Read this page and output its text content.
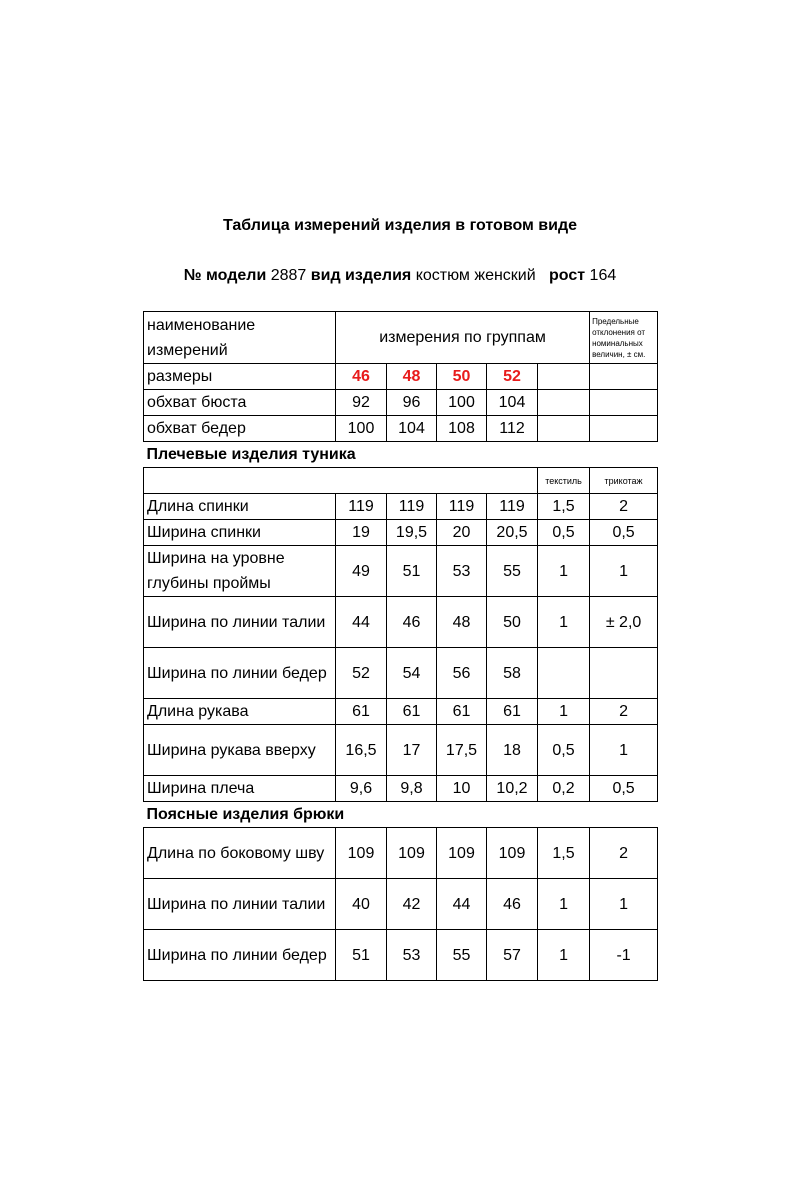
Таблица измерений изделия в готовом виде
№ модели 2887 вид изделия костюм женский рост 164
наименование измерений	измерения по группам					Предельные отклонения от номинальных величин, ± см.
размеры	46	48	50	52		
обхват бюста	92	96	100	104		
обхват бедер	100	104	108	112		
Плечевые изделия туника						
					текстиль	трикотаж
Длина спинки	119	119	119	119	1,5	2
Ширина спинки	19	19,5	20	20,5	0,5	0,5
Ширина на уровне глубины проймы	49	51	53	55	1	1
Ширина по линии талии	44	46	48	50	1	± 2,0
Ширина по линии бедер	52	54	56	58		
Длина рукава	61	61	61	61	1	2
Ширина рукава вверху	16,5	17	17,5	18	0,5	1
Ширина плеча	9,6	9,8	10	10,2	0,2	0,5
Поясные изделия брюки						
Длина по боковому шву	109	109	109	109	1,5	2
Ширина по линии талии	40	42	44	46	1	1
Ширина по линии бедер	51	53	55	57	1	-1
